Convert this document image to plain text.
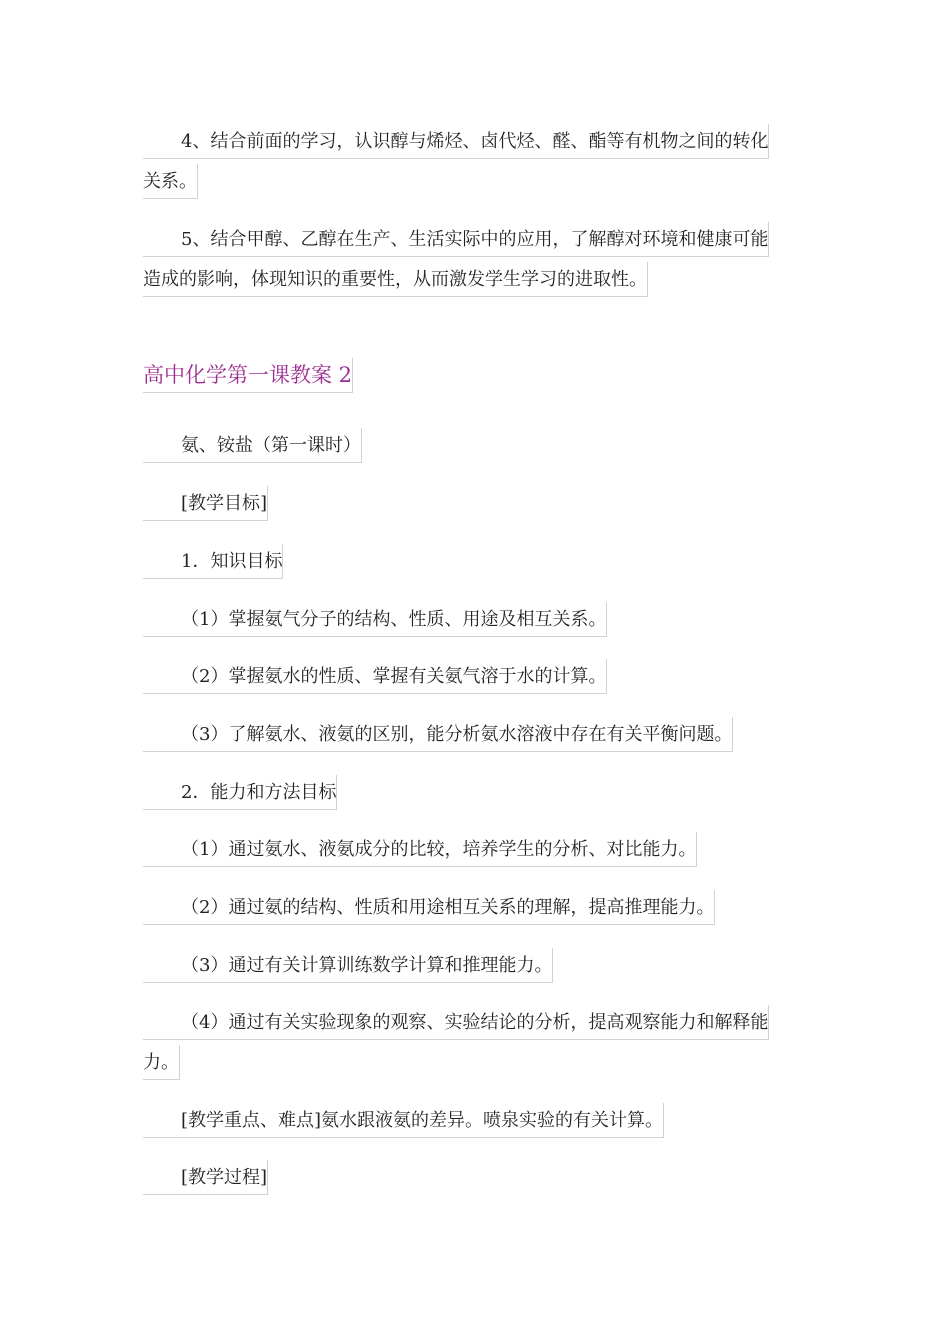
4、结合前面的学习，认识醇与烯烃、卤代烃、醛、酯等有机物之间的转化
关系。
5、结合甲醇、乙醇在生产、生活实际中的应用，了解醇对环境和健康可能
造成的影响，体现知识的重要性，从而激发学生学习的进取性。
高中化学第一课教案 2
氨、铵盐（第一课时）
[教学目标]
1．知识目标
（1）掌握氨气分子的结构、性质、用途及相互关系。
（2）掌握氨水的性质、掌握有关氨气溶于水的计算。
（3）了解氨水、液氨的区别，能分析氨水溶液中存在有关平衡问题。
2．能力和方法目标
（1）通过氨水、液氨成分的比较，培养学生的分析、对比能力。
（2）通过氨的结构、性质和用途相互关系的理解，提高推理能力。
（3）通过有关计算训练数学计算和推理能力。
（4）通过有关实验现象的观察、实验结论的分析，提高观察能力和解释能
力。
[教学重点、难点]氨水跟液氨的差异。喷泉实验的有关计算。
[教学过程]
